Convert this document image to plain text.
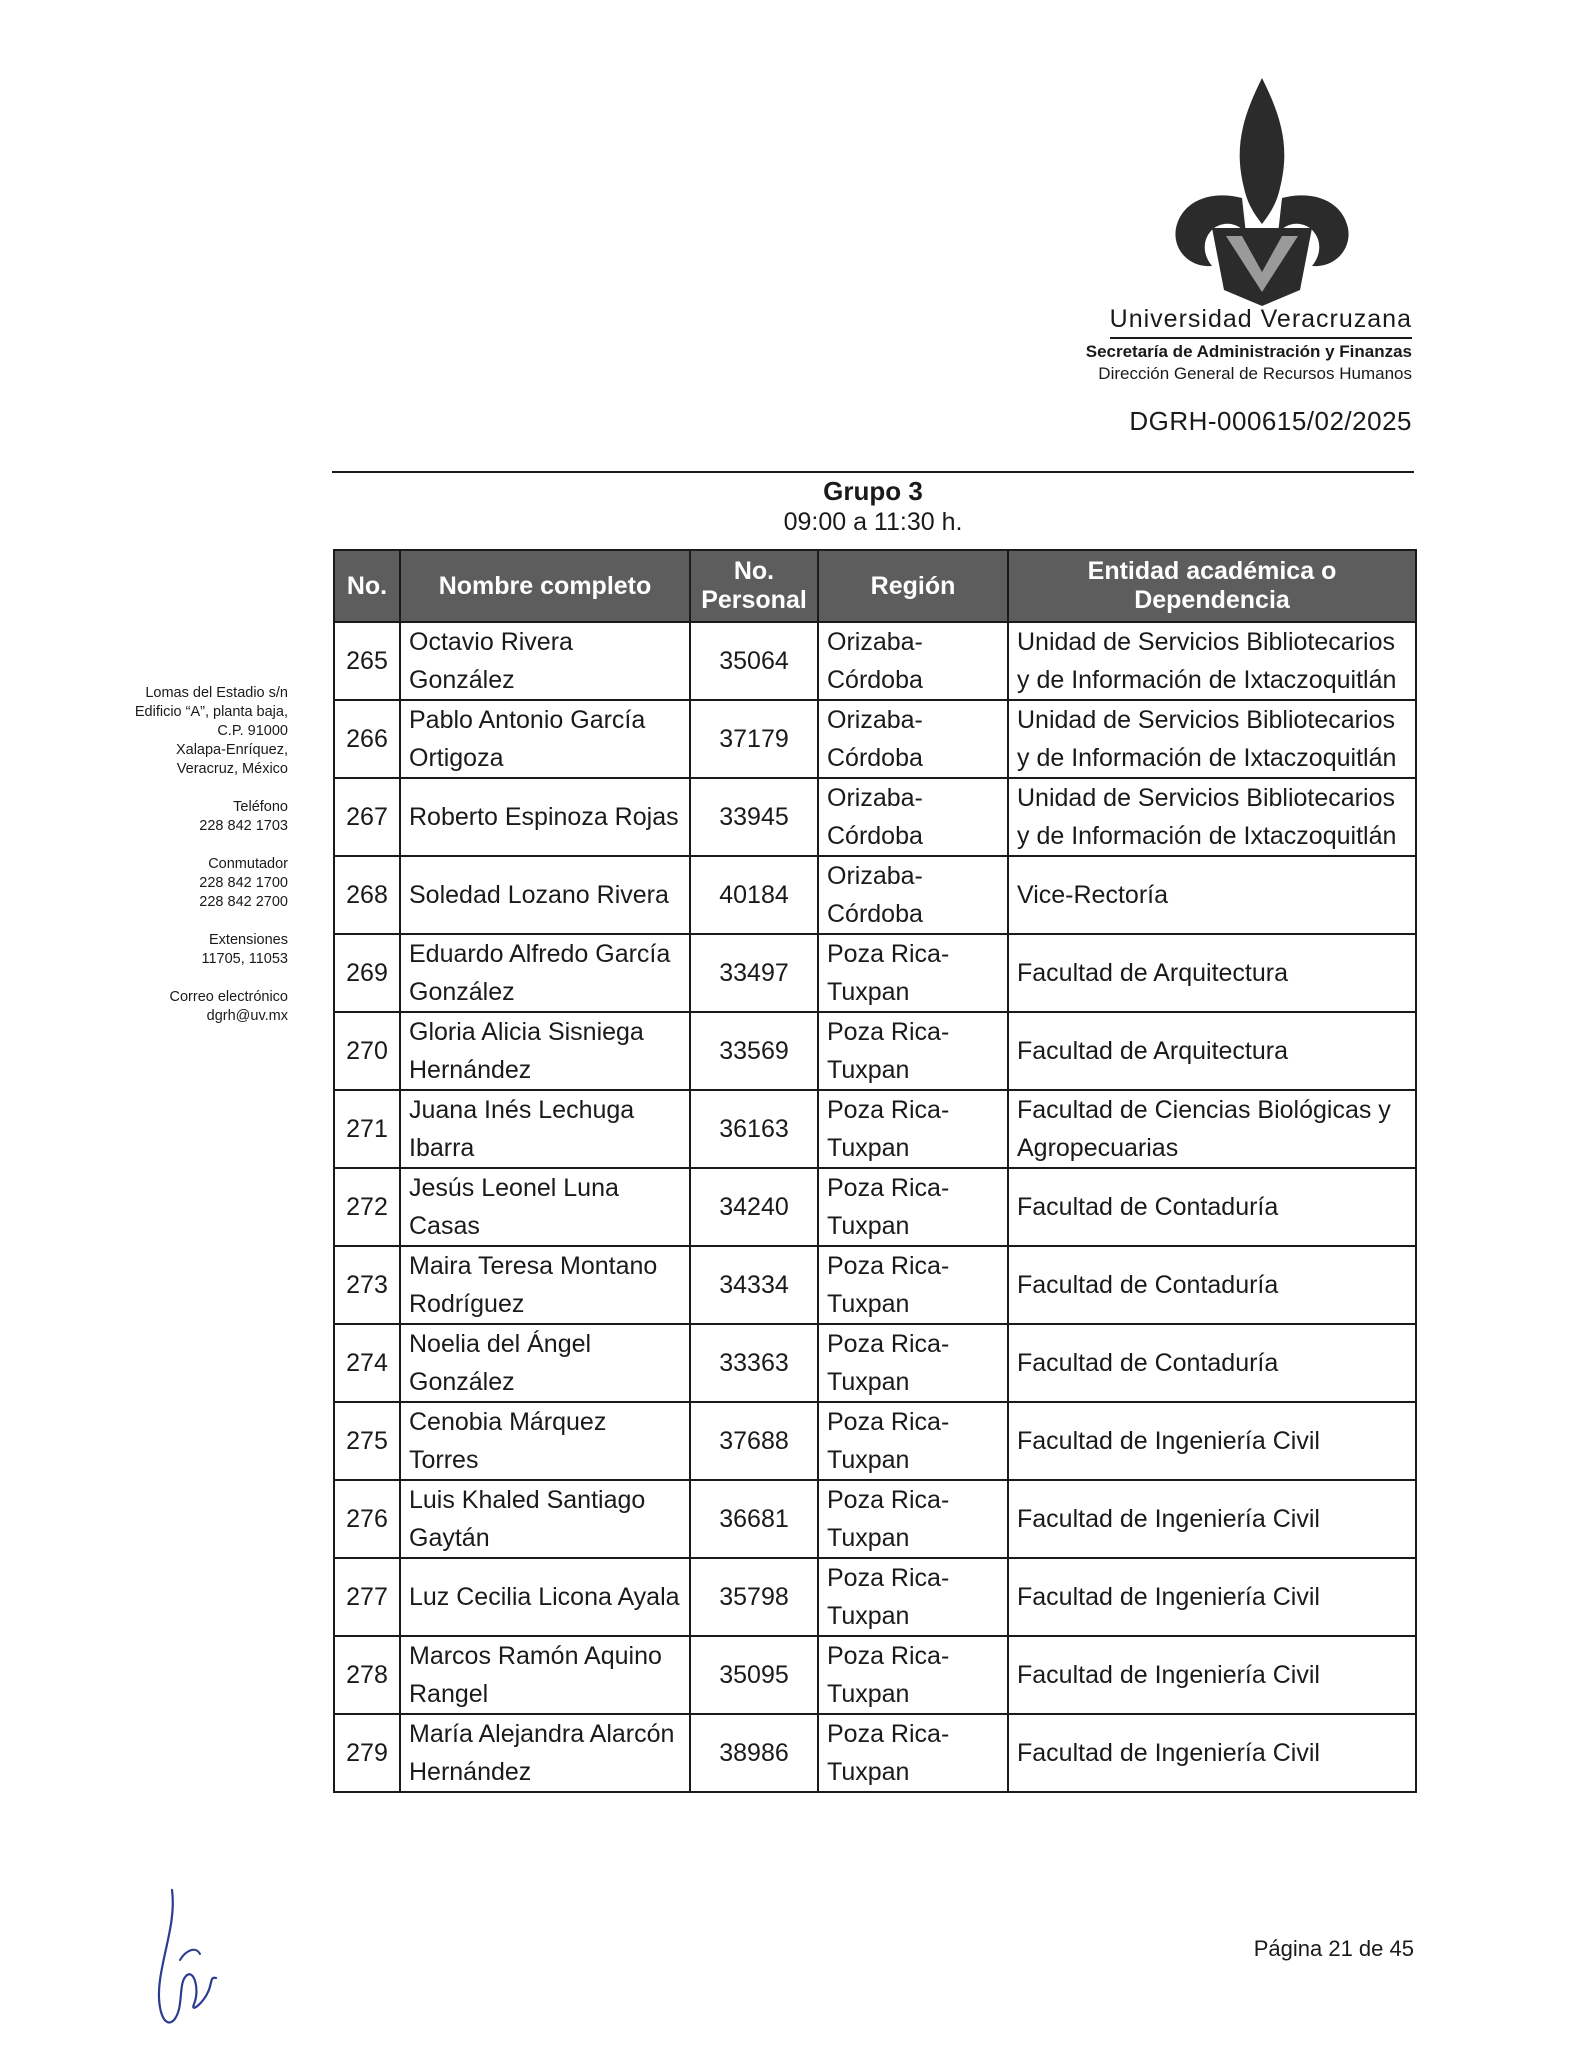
Universidad Veracruzana
Secretaría de Administración y Finanzas
Dirección General de Recursos Humanos
DGRH-000615/02/2025
Grupo 3
09:00 a 11:30 h.
Lomas del Estadio s/n
Edificio “A”, planta baja,
C.P. 91000
Xalapa-Enríquez,
Veracruz, México
Teléfono
228 842 1703
Conmutador
228 842 1700
228 842 2700
Extensiones
11705, 11053
Correo electrónico
dgrh@uv.mx
No.	Nombre completo	No. Personal	Región	Entidad académica o Dependencia
265	Octavio Rivera González	35064	Orizaba-Córdoba	Unidad de Servicios Bibliotecarios y de Información de Ixtaczoquitlán
266	Pablo Antonio García Ortigoza	37179	Orizaba-Córdoba	Unidad de Servicios Bibliotecarios y de Información de Ixtaczoquitlán
267	Roberto Espinoza Rojas	33945	Orizaba-Córdoba	Unidad de Servicios Bibliotecarios y de Información de Ixtaczoquitlán
268	Soledad Lozano Rivera	40184	Orizaba-Córdoba	Vice-Rectoría
269	Eduardo Alfredo García González	33497	Poza Rica-Tuxpan	Facultad de Arquitectura
270	Gloria Alicia Sisniega Hernández	33569	Poza Rica-Tuxpan	Facultad de Arquitectura
271	Juana Inés Lechuga Ibarra	36163	Poza Rica-Tuxpan	Facultad de Ciencias Biológicas y Agropecuarias
272	Jesús Leonel Luna Casas	34240	Poza Rica-Tuxpan	Facultad de Contaduría
273	Maira Teresa Montano Rodríguez	34334	Poza Rica-Tuxpan	Facultad de Contaduría
274	Noelia del Ángel González	33363	Poza Rica-Tuxpan	Facultad de Contaduría
275	Cenobia Márquez Torres	37688	Poza Rica-Tuxpan	Facultad de Ingeniería Civil
276	Luis Khaled Santiago Gaytán	36681	Poza Rica-Tuxpan	Facultad de Ingeniería Civil
277	Luz Cecilia Licona Ayala	35798	Poza Rica-Tuxpan	Facultad de Ingeniería Civil
278	Marcos Ramón Aquino Rangel	35095	Poza Rica-Tuxpan	Facultad de Ingeniería Civil
279	María Alejandra Alarcón Hernández	38986	Poza Rica-Tuxpan	Facultad de Ingeniería Civil
Página 21 de 45
